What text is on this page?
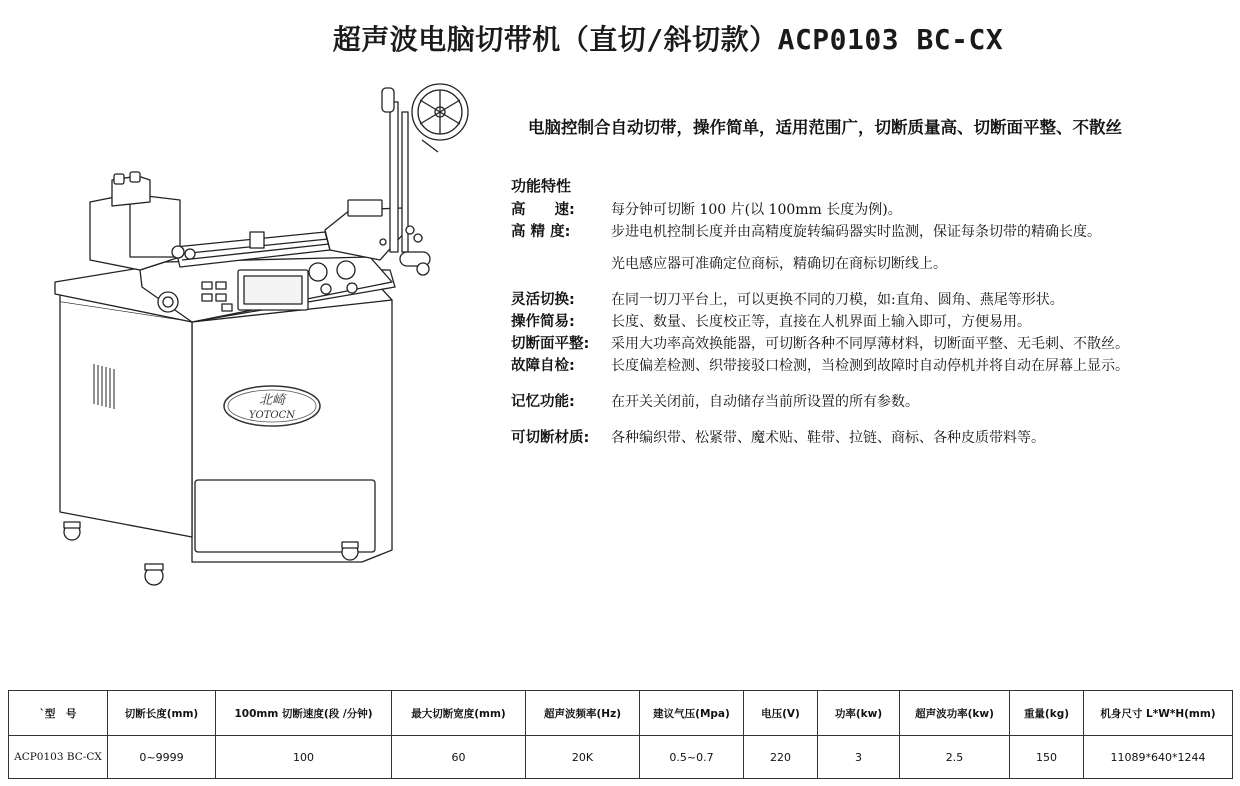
超声波电脑切带机（直切/斜切款）ACP0103 BC-CX
北崎
YOTOCN
电脑控制合自动切带，操作简单，适用范围广，切断质量高、切断面平整、不散丝
功能特性
高　　速:	每分钟可切断 100 片(以 100mm 长度为例)。
高 精 度:	步进电机控制长度并由高精度旋转编码器实时监测，保证每条切带的精确长度。
光电感应器可准确定位商标，精确切在商标切断线上。
灵活切换:	在同一切刀平台上，可以更换不同的刀模，如:直角、圆角、燕尾等形状。
操作简易:	长度、数量、长度校正等，直接在人机界面上输入即可，方便易用。
切断面平整:	采用大功率高效换能器，可切断各种不同厚薄材料，切断面平整、无毛刺、不散丝。
故障自检:	长度偏差检测、织带接驳口检测，当检测到故障时自动停机并将自动在屏幕上显示。
记忆功能:	在开关关闭前，自动储存当前所设置的所有参数。
可切断材质:	各种编织带、松紧带、魔术贴、鞋带、拉链、商标、各种皮质带料等。
`型　号	切断长度(mm)	100mm 切断速度(段 /分钟)	最大切断宽度(mm)	超声波频率(Hz)	建议气压(Mpa)	电压(V)	功率(kw)	超声波功率(kw)	重量(kg)	机身尺寸 L*W*H(mm)
ACP0103 BC-CX	0~9999	100	60	20K	0.5~0.7	220	3	2.5	150	11089*640*1244
